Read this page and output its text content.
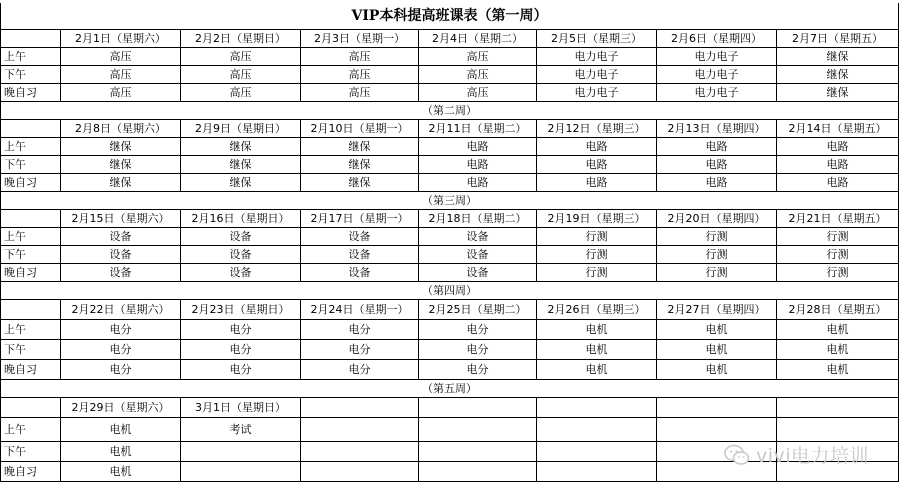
VIP本科提高班课表（第一周）							
	2月1日（星期六）	2月2日（星期日）	2月3日（星期一）	2月4日（星期二）	2月5日（星期三）	2月6日（星期四）	2月7日（星期五）
上午	高压	高压	高压	高压	电力电子	电力电子	继保
下午	高压	高压	高压	高压	电力电子	电力电子	继保
晚自习	高压	高压	高压	高压	电力电子	电力电子	继保
（第二周）							
	2月8日（星期六）	2月9日（星期日）	2月10日（星期一）	2月11日（星期二）	2月12日（星期三）	2月13日（星期四）	2月14日（星期五）
上午	继保	继保	继保	电路	电路	电路	电路
下午	继保	继保	继保	电路	电路	电路	电路
晚自习	继保	继保	继保	电路	电路	电路	电路
（第三周）							
	2月15日（星期六）	2月16日（星期日）	2月17日（星期一）	2月18日（星期二）	2月19日（星期三）	2月20日（星期四）	2月21日（星期五）
上午	设备	设备	设备	设备	行测	行测	行测
下午	设备	设备	设备	设备	行测	行测	行测
晚自习	设备	设备	设备	设备	行测	行测	行测
（第四周）							
	2月22日（星期六）	2月23日（星期日）	2月24日（星期一）	2月25日（星期二）	2月26日（星期三）	2月27日（星期四）	2月28日（星期五）
上午	电分	电分	电分	电分	电机	电机	电机
下午	电分	电分	电分	电分	电机	电机	电机
晚自习	电分	电分	电分	电分	电机	电机	电机
（第五周）							
	2月29日（星期六）	3月1日（星期日）					
上午	电机	考试					
下午	电机						
晚自习	电机						
vivi电力培训
